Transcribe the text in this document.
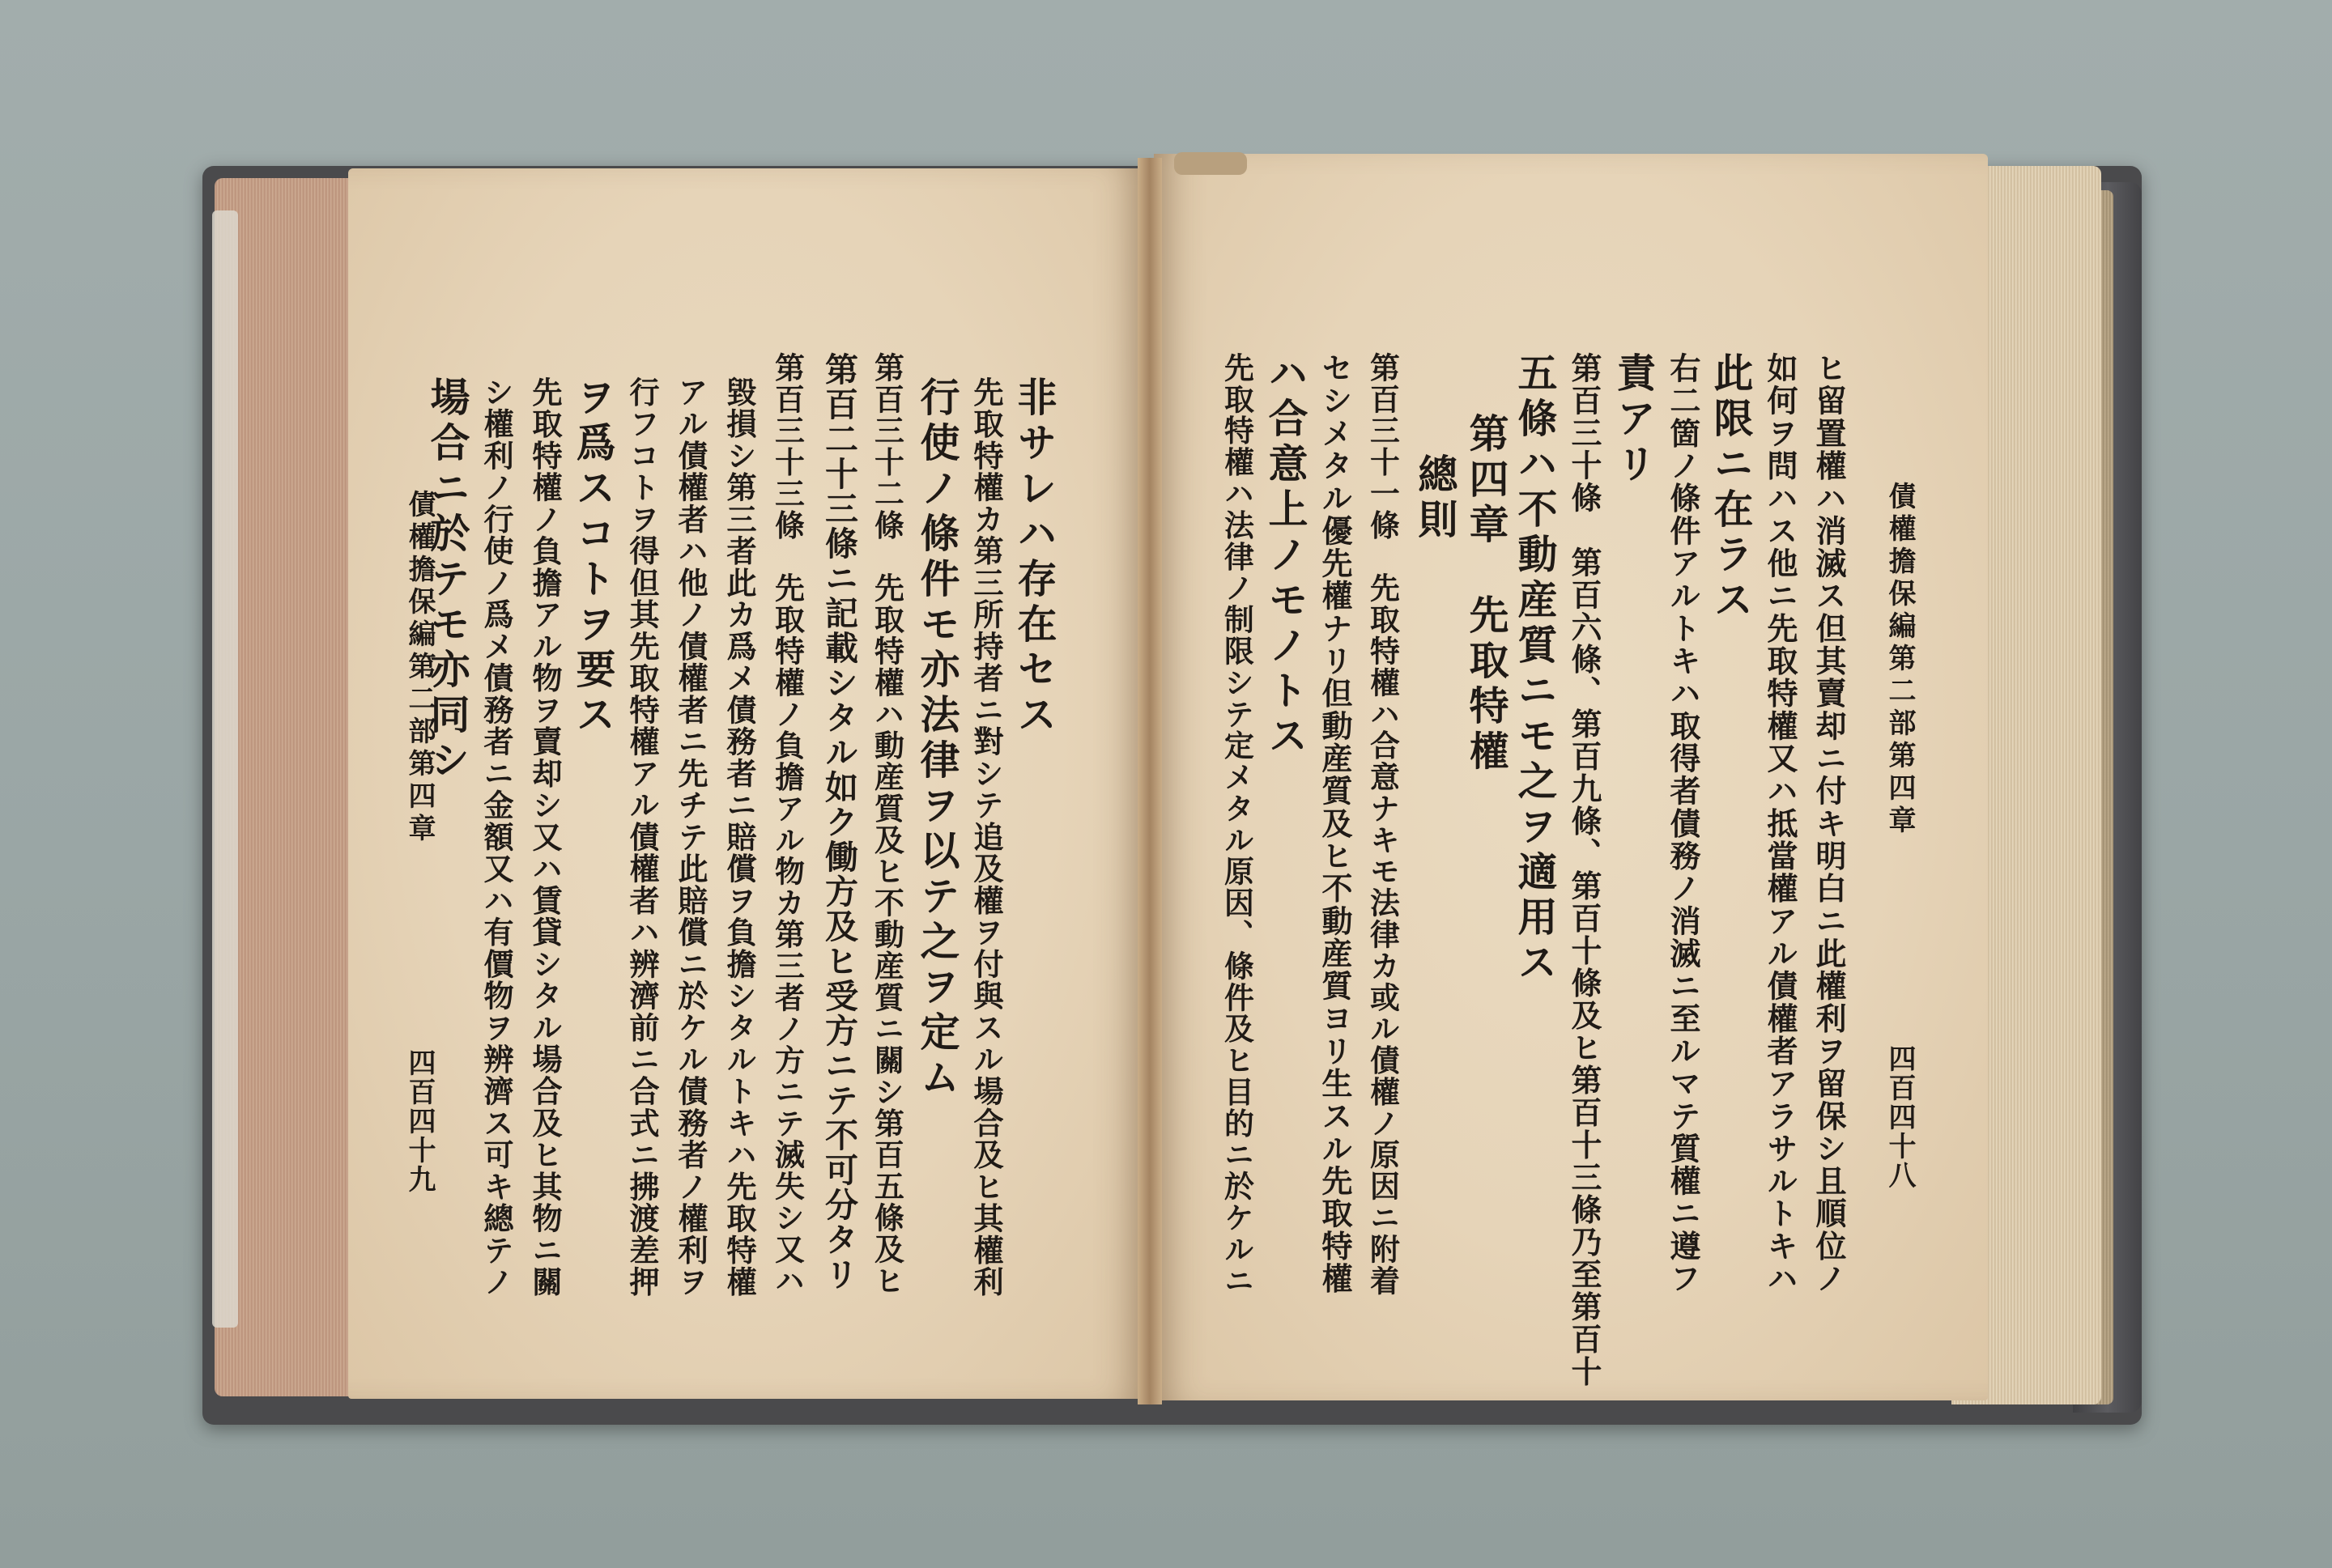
債權擔保編第二部第四章
四百四十八
ヒ留置權ハ消滅ス但其賣却ニ付キ明白ニ此權利ヲ留保シ且順位ノ
如何ヲ問ハス他ニ先取特權又ハ抵當權アル債權者アラサルトキハ
此限ニ在ラス
右二箇ノ條件アルトキハ取得者債務ノ消滅ニ至ルマテ質權ニ遵フ
責アリ
第百三十條　第百六條、第百九條、第百十條及ヒ第百十三條乃至第百十
五條ハ不動産質ニモ之ヲ適用ス
第四章　先取特權
總則
第百三十一條　先取特權ハ合意ナキモ法律カ或ル債權ノ原因ニ附着
セシメタル優先權ナリ但動産質及ヒ不動産質ヨリ生スル先取特權
ハ合意上ノモノトス
先取特權ハ法律ノ制限シテ定メタル原因、條件及ヒ目的ニ於ケルニ
非サレハ存在セス
先取特權カ第三所持者ニ對シテ追及權ヲ付與スル場合及ヒ其權利
行使ノ條件モ亦法律ヲ以テ之ヲ定ム
第百三十二條　先取特權ハ動産質及ヒ不動産質ニ關シ第百五條及ヒ
第百二十三條ニ記載シタル如ク働方及ヒ受方ニテ不可分タリ
第百三十三條　先取特權ノ負擔アル物カ第三者ノ方ニテ滅失シ又ハ
毀損シ第三者此カ爲メ債務者ニ賠償ヲ負擔シタルトキハ先取特權
アル債權者ハ他ノ債權者ニ先チテ此賠償ニ於ケル債務者ノ權利ヲ
行フコトヲ得但其先取特權アル債權者ハ辨濟前ニ合式ニ拂渡差押
ヲ爲スコトヲ要ス
先取特權ノ負擔アル物ヲ賣却シ又ハ賃貸シタル場合及ヒ其物ニ關
シ權利ノ行使ノ爲メ債務者ニ金額又ハ有價物ヲ辨濟ス可キ總テノ
場合ニ於テモ亦同シ
債權擔保編第二部第四章
四百四十九
